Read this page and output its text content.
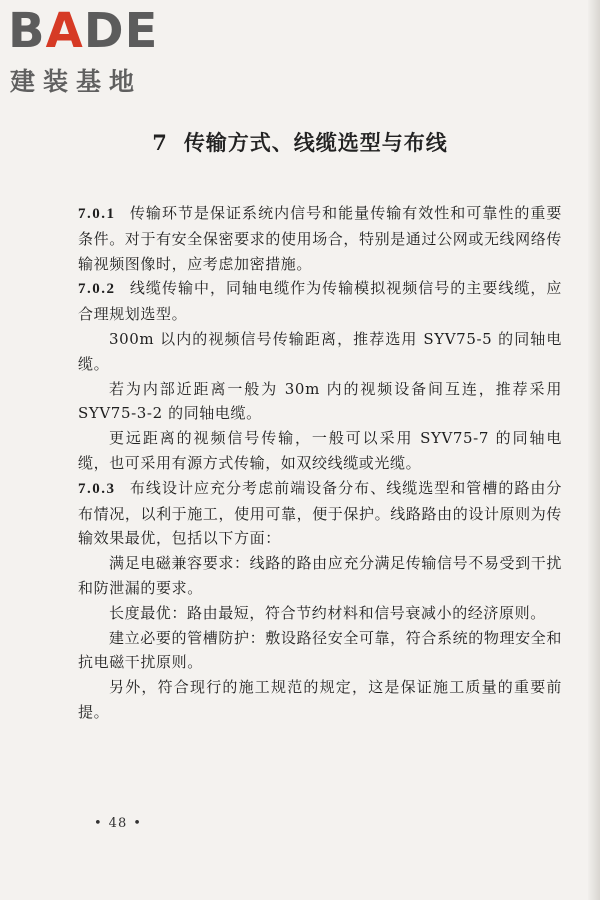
BADE
建装基地
7 传输方式、线缆选型与布线

7.0.1 传输环节是保证系统内信号和能量传输有效性和可靠性的重要条件。对于有安全保密要求的使用场合，特别是通过公网或无线网络传输视频图像时，应考虑加密措施。

7.0.2 线缆传输中，同轴电缆作为传输模拟视频信号的主要线缆，应合理规划选型。

300m 以内的视频信号传输距离，推荐选用 SYV75-5 的同轴电缆。

若为内部近距离一般为 30m 内的视频设备间互连，推荐采用 SYV75-3-2 的同轴电缆。

更远距离的视频信号传输，一般可以采用 SYV75-7 的同轴电缆，也可采用有源方式传输，如双绞线缆或光缆。

7.0.3 布线设计应充分考虑前端设备分布、线缆选型和管槽的路由分布情况，以利于施工，使用可靠，便于保护。线路路由的设计原则为传输效果最优，包括以下方面：

满足电磁兼容要求：线路的路由应充分满足传输信号不易受到干扰和防泄漏的要求。

长度最优：路由最短，符合节约材料和信号衰减小的经济原则。

建立必要的管槽防护：敷设路径安全可靠，符合系统的物理安全和抗电磁干扰原则。

另外，符合现行的施工规范的规定，这是保证施工质量的重要前提。

• 48 •
